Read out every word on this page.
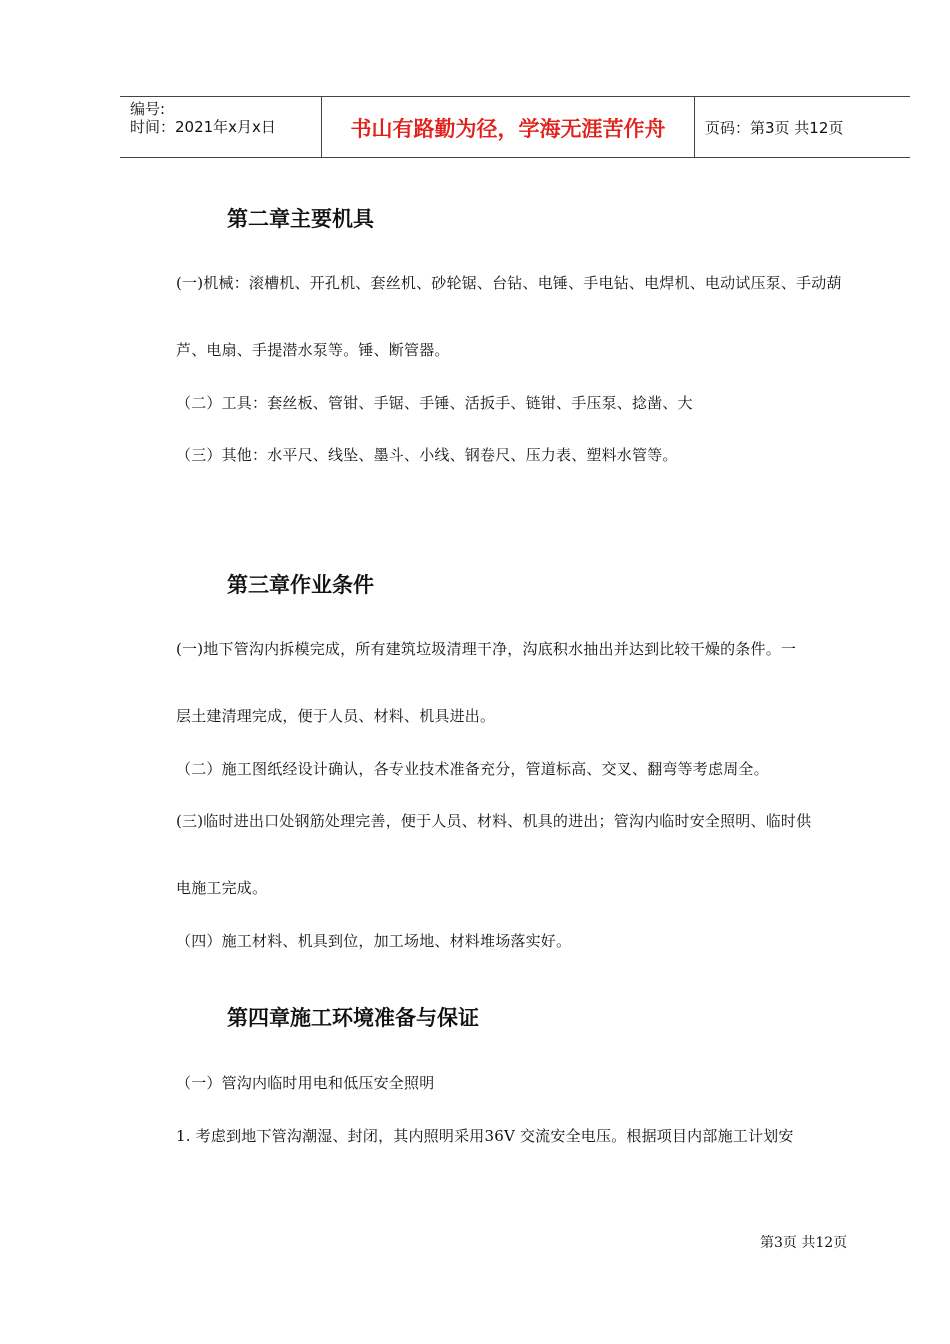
编号:
时间：2021年x月x日	书山有路勤为径，学海无涯苦作舟	页码：第3页 共12页
第二章主要机具
(一)机械：滚槽机、开孔机、套丝机、砂轮锯、台钻、电锤、手电钻、电焊机、电动试压泵、手动葫
芦、电扇、手提潜水泵等。锤、断管器。
（二）工具：套丝板、管钳、手锯、手锤、活扳手、链钳、手压泵、捻凿、大
（三）其他：水平尺、线坠、墨斗、小线、钢卷尺、压力表、塑料水管等。
第三章作业条件
(一)地下管沟内拆模完成，所有建筑垃圾清理干净，沟底积水抽出并达到比较干燥的条件。一
层土建清理完成，便于人员、材料、机具进出。
（二）施工图纸经设计确认，各专业技术准备充分，管道标高、交叉、翻弯等考虑周全。
(三)临时进出口处钢筋处理完善，便于人员、材料、机具的进出；管沟内临时安全照明、临时供
电施工完成。
（四）施工材料、机具到位，加工场地、材料堆场落实好。
第四章施工环境准备与保证
（一）管沟内临时用电和低压安全照明
1. 考虑到地下管沟潮湿、封闭，其内照明采用36V 交流安全电压。根据项目内部施工计划安
第3页 共12页
